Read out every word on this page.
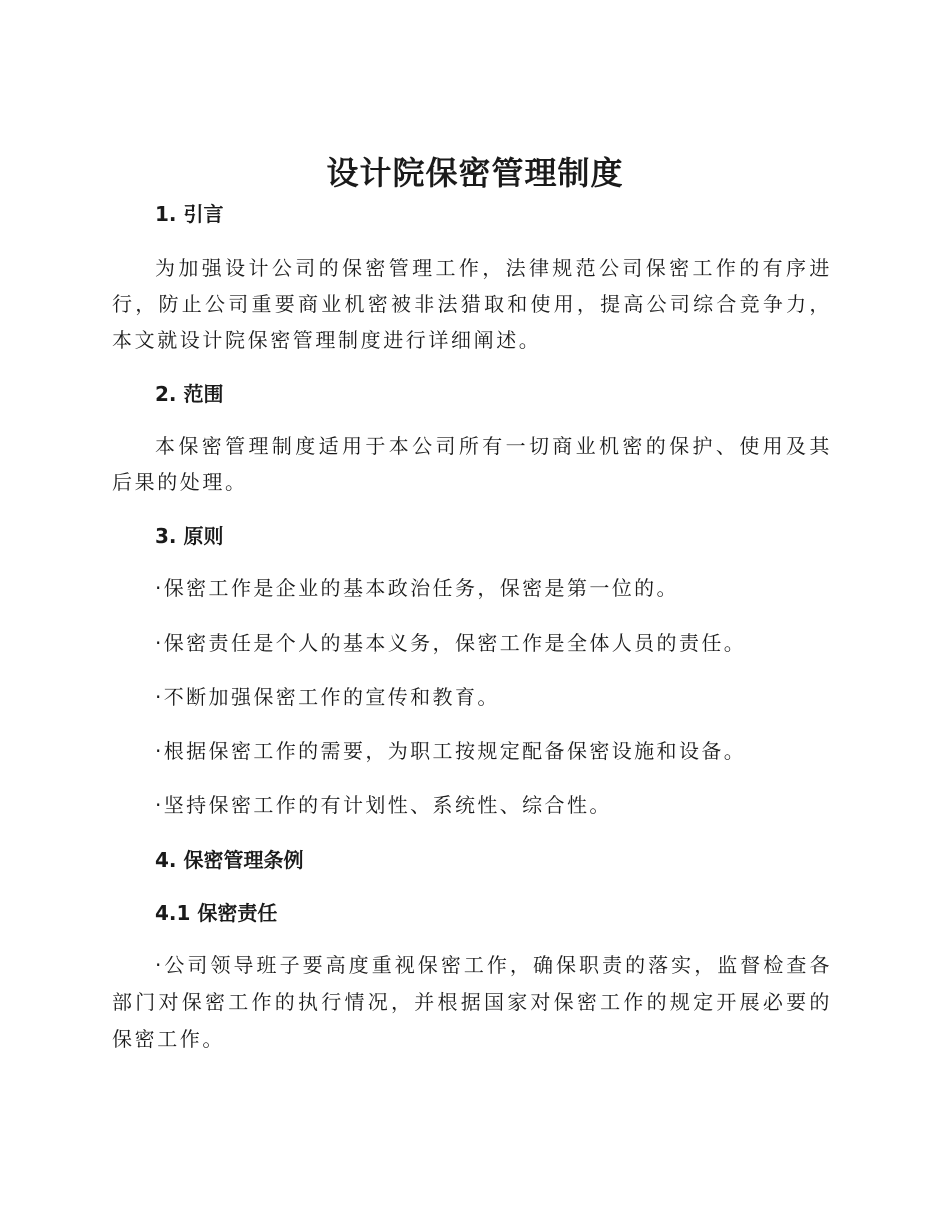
设计院保密管理制度
1. 引言

为加强设计公司的保密管理工作，法律规范公司保密工作的有序进行，防止公司重要商业机密被非法猎取和使用，提高公司综合竞争力，本文就设计院保密管理制度进行详细阐述。

2. 范围

本保密管理制度适用于本公司所有一切商业机密的保护、使用及其后果的处理。

3. 原则

·保密工作是企业的基本政治任务，保密是第一位的。

·保密责任是个人的基本义务，保密工作是全体人员的责任。

·不断加强保密工作的宣传和教育。

·根据保密工作的需要，为职工按规定配备保密设施和设备。

·坚持保密工作的有计划性、系统性、综合性。

4. 保密管理条例
4.1 保密责任

·公司领导班子要高度重视保密工作，确保职责的落实，监督检查各部门对保密工作的执行情况，并根据国家对保密工作的规定开展必要的保密工作。
